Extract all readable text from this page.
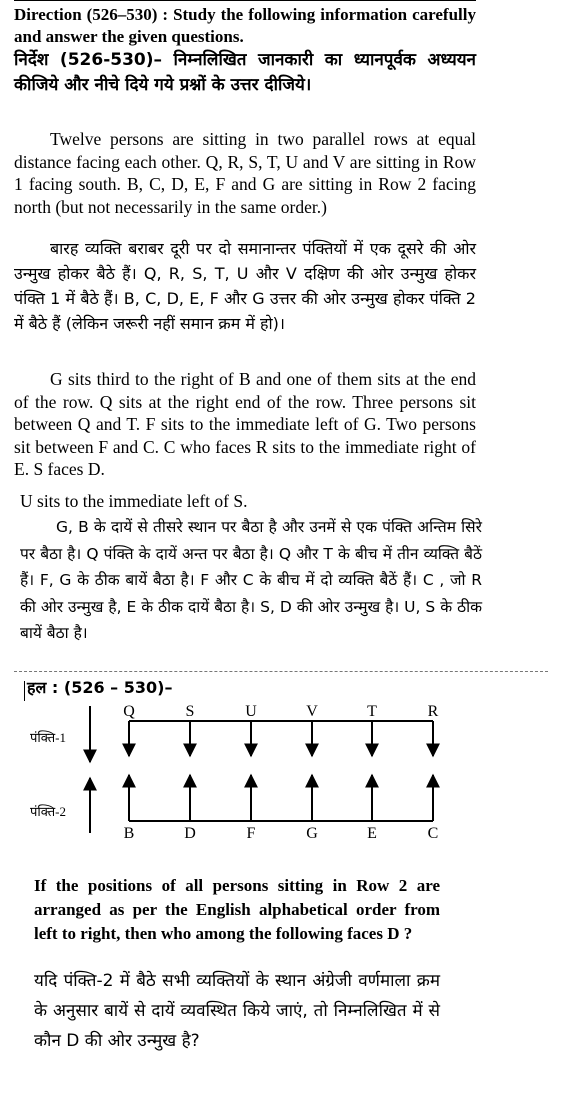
Direction (526–530) : Study the following information carefully and answer the given questions.
निर्देश (526-530)– निम्नलिखित जानकारी का ध्यानपूर्वक अध्ययन कीजिये और नीचे दिये गये प्रश्नों के उत्तर दीजिये।
Twelve persons are sitting in two parallel rows at equal distance facing each other. Q, R, S, T, U and V are sitting in Row 1 facing south. B, C, D, E, F and G are sitting in Row 2 facing north (but not necessarily in the same order.)
बारह व्यक्ति बराबर दूरी पर दो समानान्तर पंक्तियों में एक दूसरे की ओर उन्मुख होकर बैठे हैं। Q, R, S, T, U और V दक्षिण की ओर उन्मुख होकर पंक्ति 1 में बैठे हैं। B, C, D, E, F और G उत्तर की ओर उन्मुख होकर पंक्ति 2 में बैठे हैं (लेकिन जरूरी नहीं समान क्रम में हो)।
G sits third to the right of B and one of them sits at the end of the row. Q sits at the right end of the row. Three persons sit between Q and T. F sits to the immediate left of G. Two persons sit between F and C. C who faces R sits to the immediate right of E. S faces D.
U sits to the immediate left of S.
G, B के दायें से तीसरे स्थान पर बैठा है और उनमें से एक पंक्ति अन्तिम सिरे पर बैठा है। Q पंक्ति के दायें अन्त पर बैठा है। Q और T के बीच में तीन व्यक्ति बैठें हैं। F, G के ठीक बायें बैठा है। F और C के बीच में दो व्यक्ति बैठें हैं। C , जो R की ओर उन्मुख है, E के ठीक दायें बैठा है। S, D की ओर उन्मुख है। U, S के ठीक बायें बैठा है।
हल : (526 – 530)–
पंक्ति-1
पंक्ति-2
Q	S	U	V	T	R
B	D	F	G	E	C
If the positions of all persons sitting in Row 2 are arranged as per the English alphabetical order from left to right, then who among the following faces D ?
यदि पंक्ति-2 में बैठे सभी व्यक्तियों के स्थान अंग्रेजी वर्णमाला क्रम के अनुसार बायें से दायें व्यवस्थित किये जाएं, तो निम्नलिखित में से कौन D की ओर उन्मुख है?
